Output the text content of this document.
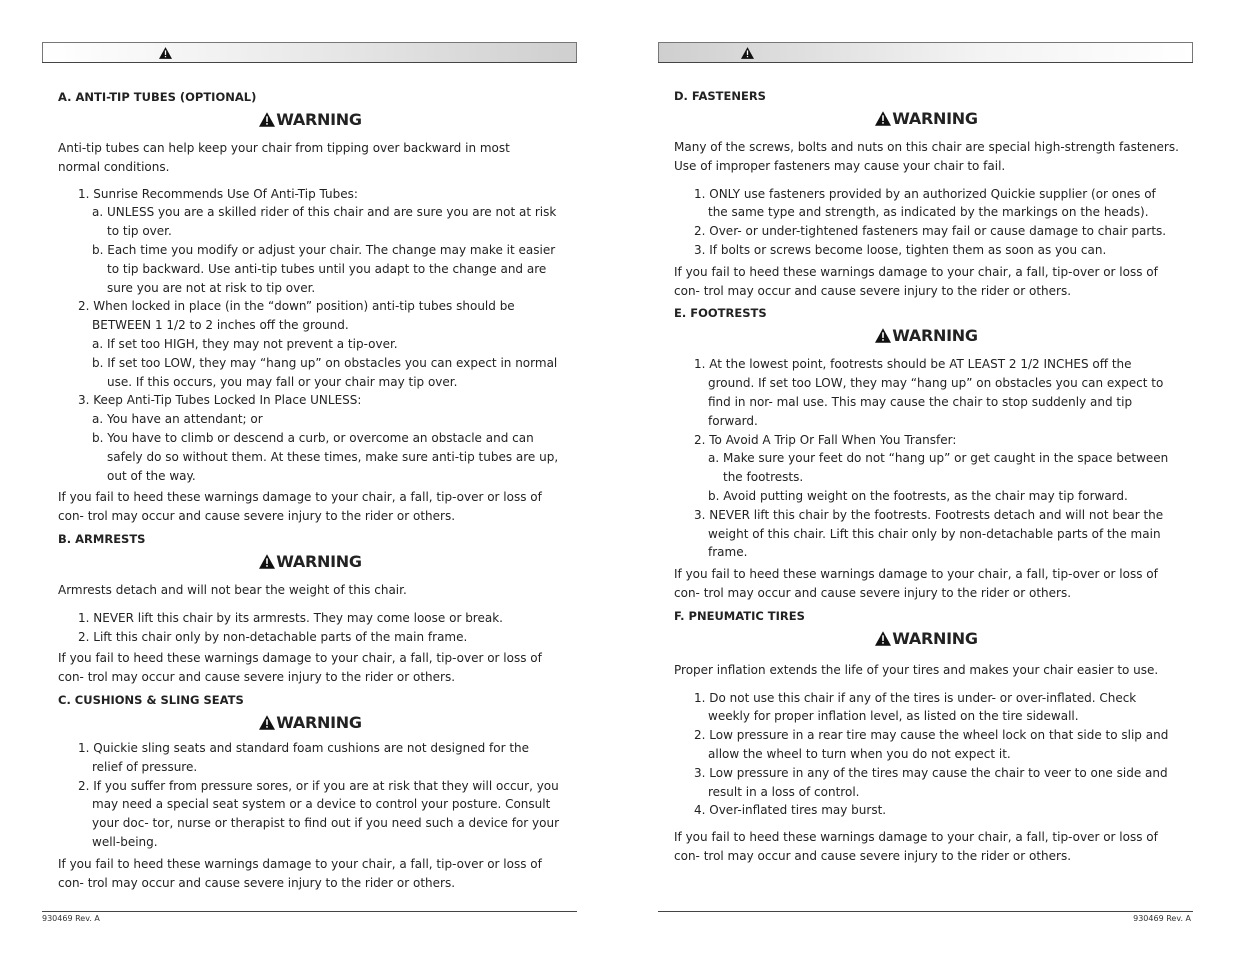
A. ANTI-TIP TUBES (OPTIONAL)
WARNING

Anti-tip tubes can help keep your chair from tipping over backward in most
normal conditions.

1. Sunrise Recommends Use Of Anti-Tip Tubes:
a. UNLESS you are a skilled rider of this chair and are sure you are not at risk to tip over.
b. Each time you modify or adjust your chair. The change may make it easier to tip backward. Use anti-tip tubes until you adapt to the change and are sure you are not at risk to tip over.
2. When locked in place (in the “down” position) anti-tip tubes should be BETWEEN 1 1/2 to 2 inches off the ground.
a. If set too HIGH, they may not prevent a tip-over.
b. If set too LOW, they may “hang up” on obstacles you can expect in normal use. If this occurs, you may fall or your chair may tip over.
3. Keep Anti-Tip Tubes Locked In Place UNLESS:
a. You have an attendant; or
b. You have to climb or descend a curb, or overcome an obstacle and can safely do so without them. At these times, make sure anti-tip tubes are up, out of the way.

If you fail to heed these warnings damage to your chair, a fall, tip-over or loss of con- trol may occur and cause severe injury to the rider or others.

B. ARMRESTS
WARNING

Armrests detach and will not bear the weight of this chair.

1. NEVER lift this chair by its armrests. They may come loose or break.
2. Lift this chair only by non-detachable parts of the main frame.

If you fail to heed these warnings damage to your chair, a fall, tip-over or loss of con- trol may occur and cause severe injury to the rider or others.

C. CUSHIONS & SLING SEATS
WARNING
1. Quickie sling seats and standard foam cushions are not designed for the relief of pressure.
2. If you suffer from pressure sores, or if you are at risk that they will occur, you may need a special seat system or a device to control your posture. Consult your doc- tor, nurse or therapist to find out if you need such a device for your well-being.

If you fail to heed these warnings damage to your chair, a fall, tip-over or loss of con- trol may occur and cause severe injury to the rider or others.

930469 Rev. A
D. FASTENERS
WARNING

Many of the screws, bolts and nuts on this chair are special high-strength fasteners. Use of improper fasteners may cause your chair to fail.

1. ONLY use fasteners provided by an authorized Quickie supplier (or ones of the same type and strength, as indicated by the markings on the heads).
2. Over- or under-tightened fasteners may fail or cause damage to chair parts.
3. If bolts or screws become loose, tighten them as soon as you can.

If you fail to heed these warnings damage to your chair, a fall, tip-over or loss of con- trol may occur and cause severe injury to the rider or others.

E. FOOTRESTS
WARNING
1. At the lowest point, footrests should be AT LEAST 2 1/2 INCHES off the ground. If set too LOW, they may “hang up” on obstacles you can expect to find in nor- mal use. This may cause the chair to stop suddenly and tip forward.
2. To Avoid A Trip Or Fall When You Transfer:
a. Make sure your feet do not “hang up” or get caught in the space between the footrests.
b. Avoid putting weight on the footrests, as the chair may tip forward.
3. NEVER lift this chair by the footrests. Footrests detach and will not bear the weight of this chair. Lift this chair only by non-detachable parts of the main frame.

If you fail to heed these warnings damage to your chair, a fall, tip-over or loss of con- trol may occur and cause severe injury to the rider or others.

F. PNEUMATIC TIRES
WARNING

Proper inflation extends the life of your tires and makes your chair easier to use.

1. Do not use this chair if any of the tires is under- or over-inflated. Check weekly for proper inflation level, as listed on the tire sidewall.
2. Low pressure in a rear tire may cause the wheel lock on that side to slip and allow the wheel to turn when you do not expect it.
3. Low pressure in any of the tires may cause the chair to veer to one side and result in a loss of control.
4. Over-inflated tires may burst.

If you fail to heed these warnings damage to your chair, a fall, tip-over or loss of con- trol may occur and cause severe injury to the rider or others.

930469 Rev. A
